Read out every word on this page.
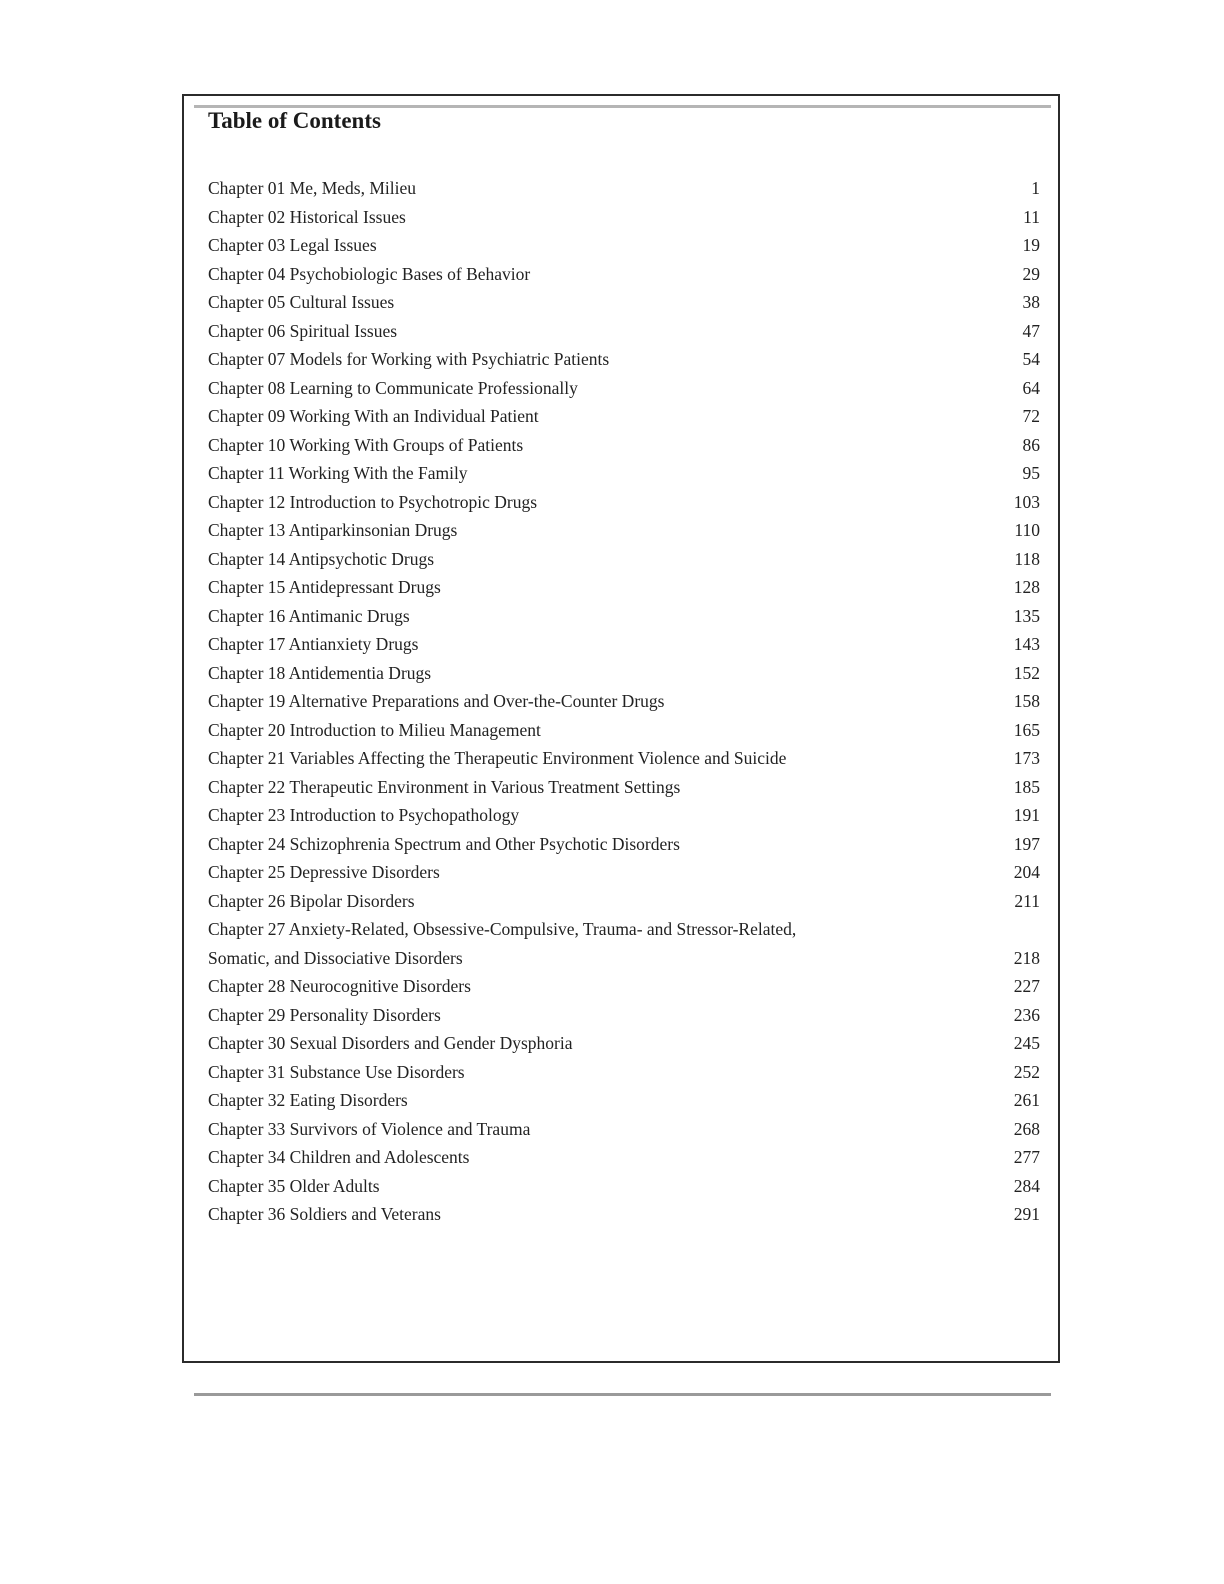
Table of Contents
Chapter 01 Me, Meds, Milieu	1
Chapter 02 Historical Issues	11
Chapter 03 Legal Issues	19
Chapter 04 Psychobiologic Bases of Behavior	29
Chapter 05 Cultural Issues	38
Chapter 06 Spiritual Issues	47
Chapter 07 Models for Working with Psychiatric Patients	54
Chapter 08 Learning to Communicate Professionally	64
Chapter 09 Working With an Individual Patient	72
Chapter 10 Working With Groups of Patients	86
Chapter 11 Working With the Family	95
Chapter 12 Introduction to Psychotropic Drugs	103
Chapter 13 Antiparkinsonian Drugs	110
Chapter 14 Antipsychotic Drugs	118
Chapter 15 Antidepressant Drugs	128
Chapter 16 Antimanic Drugs	135
Chapter 17 Antianxiety Drugs	143
Chapter 18 Antidementia Drugs	152
Chapter 19 Alternative Preparations and Over-the-Counter Drugs	158
Chapter 20 Introduction to Milieu Management	165
Chapter 21 Variables Affecting the Therapeutic Environment Violence and Suicide	173
Chapter 22 Therapeutic Environment in Various Treatment Settings	185
Chapter 23 Introduction to Psychopathology	191
Chapter 24 Schizophrenia Spectrum and Other Psychotic Disorders	197
Chapter 25 Depressive Disorders	204
Chapter 26 Bipolar Disorders	211
Chapter 27 Anxiety-Related, Obsessive-Compulsive, Trauma- and Stressor-Related, Somatic, and Dissociative Disorders	218
Chapter 28 Neurocognitive Disorders	227
Chapter 29 Personality Disorders	236
Chapter 30 Sexual Disorders and Gender Dysphoria	245
Chapter 31 Substance Use Disorders	252
Chapter 32 Eating Disorders	261
Chapter 33 Survivors of Violence and Trauma	268
Chapter 34 Children and Adolescents	277
Chapter 35 Older Adults	284
Chapter 36 Soldiers and Veterans	291
